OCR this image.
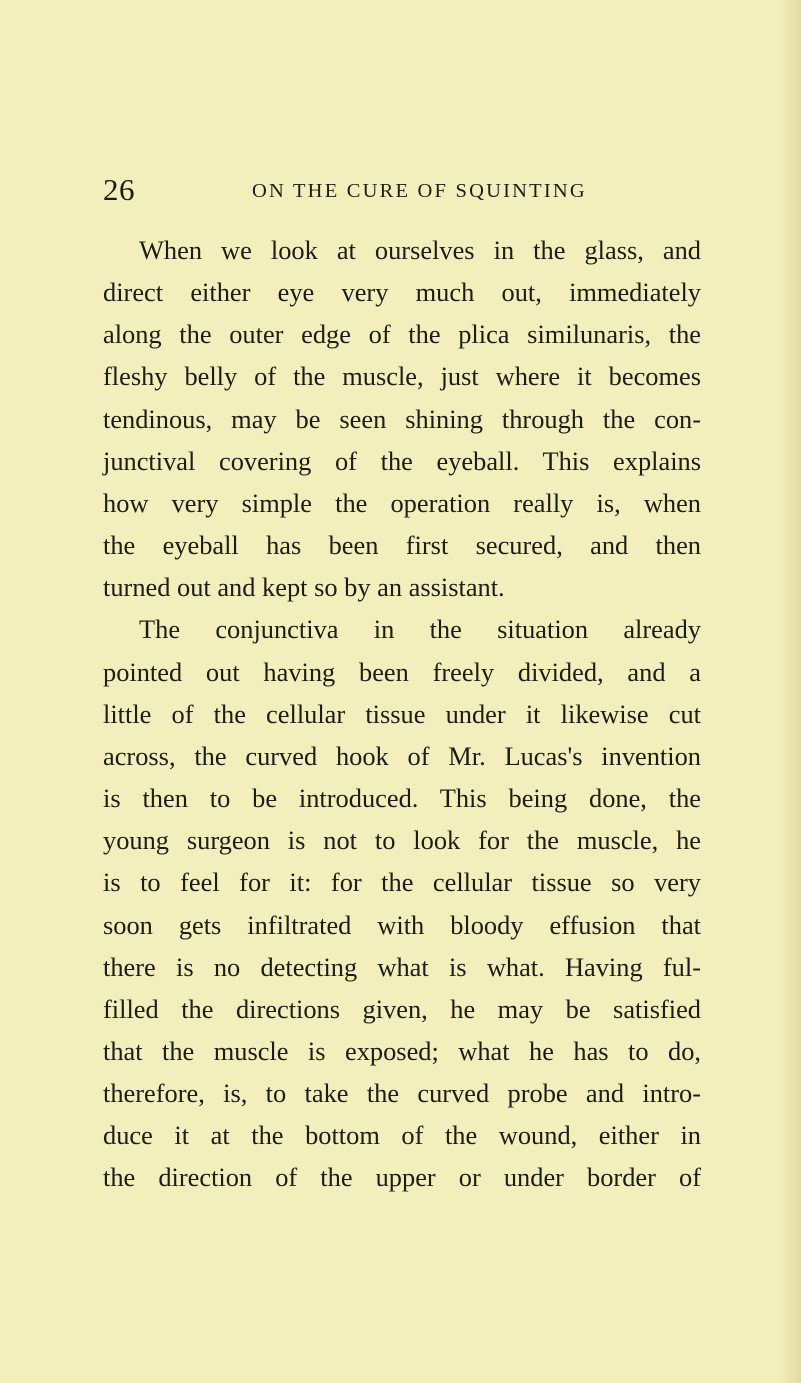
26	ON THE CURE OF SQUINTING
When we look at ourselves in the glass, and
direct either eye very much out, immediately
along the outer edge of the plica similunaris, the
fleshy belly of the muscle, just where it becomes
tendinous, may be seen shining through the con-
junctival covering of the eyeball. This explains
how very simple the operation really is, when
the eyeball has been first secured, and then
turned out and kept so by an assistant.
The conjunctiva in the situation already
pointed out having been freely divided, and a
little of the cellular tissue under it likewise cut
across, the curved hook of Mr. Lucas's invention
is then to be introduced. This being done, the
young surgeon is not to look for the muscle, he
is to feel for it: for the cellular tissue so very
soon gets infiltrated with bloody effusion that
there is no detecting what is what. Having ful-
filled the directions given, he may be satisfied
that the muscle is exposed; what he has to do,
therefore, is, to take the curved probe and intro-
duce it at the bottom of the wound, either in
the direction of the upper or under border of
